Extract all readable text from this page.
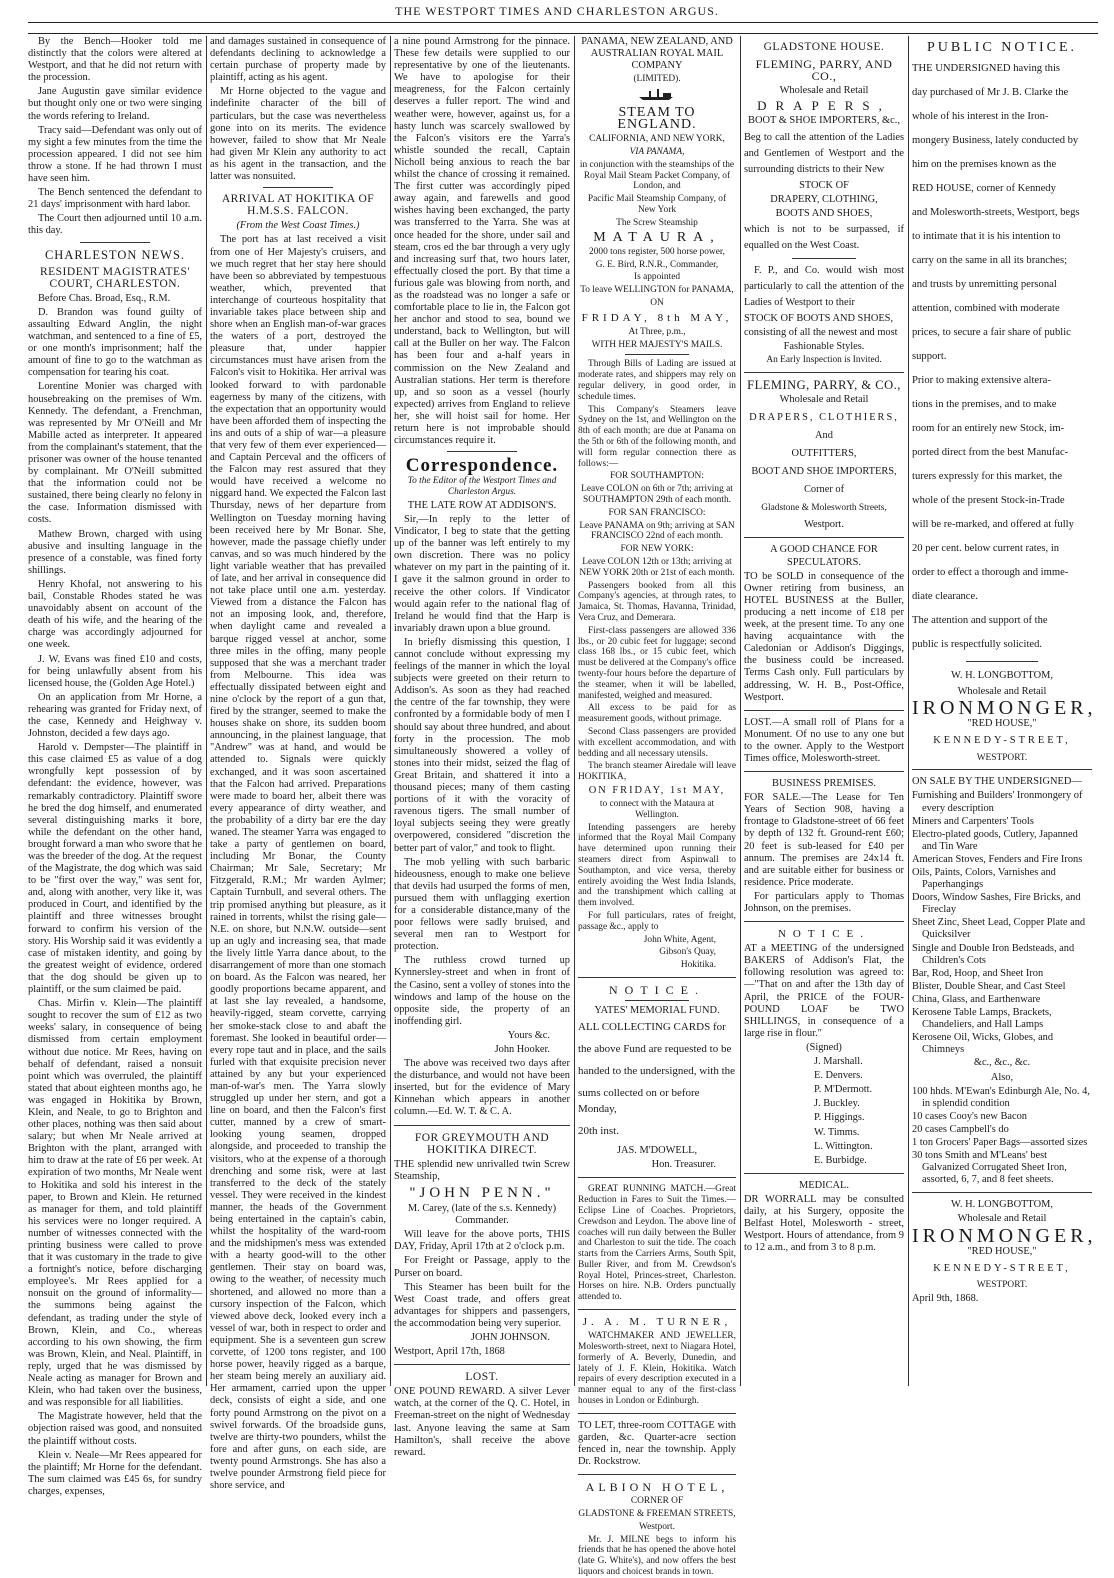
THE WESTPORT TIMES AND CHARLESTON ARGUS.

By the Bench—Hooker told me distinctly that the colors were altered at Westport, and that he did not return with the procession.

Jane Augustin gave similar evidence but thought only one or two were singing the words refering to Ireland.

Tracy said—Defendant was only out of my sight a few minutes from the time the procession appeared. I did not see him throw a stone. If he had thrown I must have seen him.

The Bench sentenced the defendant to 21 days' imprisonment with hard labor.

The Court then adjourned until 10 a.m. this day.

CHARLESTON NEWS.
RESIDENT MAGISTRATES' COURT, CHARLESTON.

Before Chas. Broad, Esq., R.M.

D. Brandon was found guilty of assaulting Edward Anglin, the night watchman, and sentenced to a fine of £5, or one month's imprisonment; half the amount of fine to go to the watchman as compensation for tearing his coat.

Lorentine Monier was charged with housebreaking on the premises of Wm. Kennedy. The defendant, a Frenchman, was represented by Mr O'Neill and Mr Mabille acted as interpreter. It appeared from the complainant's statement, that the prisoner was owner of the house tenanted by complainant. Mr O'Neill submitted that the information could not be sustained, there being clearly no felony in the case. Information dismissed with costs.

Mathew Brown, charged with using abusive and insulting language in the presence of a constable, was fined forty shillings.

Henry Khofal, not answering to his bail, Constable Rhodes stated he was unavoidably absent on account of the death of his wife, and the hearing of the charge was accordingly adjourned for one week.

J. W. Evans was fined £10 and costs, for being unlawfully absent from his licensed house, the (Golden Age Hotel.)

On an application from Mr Horne, a rehearing was granted for Friday next, of the case, Kennedy and Heighway v. Johnston, decided a few days ago.

Harold v. Dempster—The plaintiff in this case claimed £5 as value of a dog wrongfully kept possession of by defendant: the evidence, however, was remarkably contradictory. Plaintiff swore he bred the dog himself, and enumerated several distinguishing marks it bore, while the defendant on the other hand, brought forward a man who swore that he was the breeder of the dog. At the request of the Magistrate, the dog which was said to be "first over the way," was sent for, and, along with another, very like it, was produced in Court, and identified by the plaintiff and three witnesses brought forward to confirm his version of the story. His Worship said it was evidently a case of mistaken identity, and going by the greatest weight of evidence, ordered that the dog should be given up to plaintiff, or the sum claimed be paid.

Chas. Mirfin v. Klein—The plaintiff sought to recover the sum of £12 as two weeks' salary, in consequence of being dismissed from certain employment without due notice. Mr Rees, having on behalf of defendant, raised a nonsuit point which was overruled, the plaintiff stated that about eighteen months ago, he was engaged in Hokitika by Brown, Klein, and Neale, to go to Brighton and other places, nothing was then said about salary; but when Mr Neale arrived at Brighton with the plant, arranged with him to draw at the rate of £6 per week. At expiration of two months, Mr Neale went to Hokitika and sold his interest in the paper, to Brown and Klein. He returned as manager for them, and told plaintiff his services were no longer required. A number of witnesses connected with the printing business were called to prove that it was customary in the trade to give a fortnight's notice, before discharging employee's. Mr Rees applied for a nonsuit on the ground of informality—the summons being against the defendant, as trading under the style of Brown, Klein, and Co., whereas according to his own showing, the firm was Brown, Klein, and Neal. Plaintiff, in reply, urged that he was dismissed by Neale acting as manager for Brown and Klein, who had taken over the business, and was responsible for all liabilities.

The Magistrate however, held that the objection raised was good, and nonsuited the plaintiff without costs.

Klein v. Neale—Mr Rees appeared for the plaintiff; Mr Horne for the defendant. The sum claimed was £45 6s, for sundry charges, expenses,

and damages sustained in consequence of defendants declining to acknowledge a certain purchase of property made by plaintiff, acting as his agent.

Mr Horne objected to the vague and indefinite character of the bill of particulars, but the case was nevertheless gone into on its merits. The evidence however, failed to show that Mr Neale had given Mr Klein any authority to act as his agent in the transaction, and the latter was nonsuited.

ARRIVAL AT HOKITIKA OF H.M.S.S. FALCON.

(From the West Coast Times.)

The port has at last received a visit from one of Her Majesty's cruisers, and we much regret that her stay here should have been so abbreviated by tempestuous weather, which, prevented that interchange of courteous hospitality that invariable takes place between ship and shore when an English man-of-war graces the waters of a port, destroyed the pleasure that, under happier circumstances must have arisen from the Falcon's visit to Hokitika. Her arrival was looked forward to with pardonable eagerness by many of the citizens, with the expectation that an opportunity would have been afforded them of inspecting the ins and outs of a ship of war—a pleasure that very few of them ever experienced—and Captain Perceval and the officers of the Falcon may rest assured that they would have received a welcome no niggard hand. We expected the Falcon last Thursday, news of her departure from Wellington on Tuesday morning having been received here by Mr Bonar. She, however, made the passage chiefly under canvas, and so was much hindered by the light variable weather that has prevailed of late, and her arrival in consequence did not take place until one a.m. yesterday. Viewed from a distance the Falcon has not an imposing look, and, therefore, when daylight came and revealed a barque rigged vessel at anchor, some three miles in the offing, many people supposed that she was a merchant trader from Melbourne. This idea was effectually dissipated between eight and nine o'clock by the report of a gun that, fired by the stranger, seemed to make the houses shake on shore, its sudden boom announcing, in the plainest language, that "Andrew" was at hand, and would be attended to. Signals were quickly exchanged, and it was soon ascertained that the Falcon had arrived. Preparations were made to board her, albeit there was every appearance of dirty weather, and the probability of a dirty bar ere the day waned. The steamer Yarra was engaged to take a party of gentlemen on board, including Mr Bonar, the County Chairman; Mr Sale, Secretary; Mr Fitzgerald, R.M.; Mr warden Aylmer; Captain Turnbull, and several others. The trip promised anything but pleasure, as it rained in torrents, whilst the rising gale—N.E. on shore, but N.N.W. outside—sent up an ugly and increasing sea, that made the lively little Yarra dance about, to the disarrangement of more than one stomach on board. As the Falcon was neared, her goodly proportions became apparent, and at last she lay revealed, a handsome, heavily-rigged, steam corvette, carrying her smoke-stack close to and abaft the foremast. She looked in beautiful order—every rope taut and in place, and the sails furled with that exquisite precision never attained by any but your experienced man-of-war's men. The Yarra slowly struggled up under her stern, and got a line on board, and then the Falcon's first cutter, manned by a crew of smart-looking young seamen, dropped alongside, and proceeded to tranship the visitors, who at the expense of a thorough drenching and some risk, were at last transferred to the deck of the stately vessel. They were received in the kindest manner, the heads of the Government being entertained in the captain's cabin, whilst the hospitality of the ward-room and the midshipmen's mess was extended with a hearty good-will to the other gentlemen. Their stay on board was, owing to the weather, of necessity much shortened, and allowed no more than a cursory inspection of the Falcon, which viewed above deck, looked every inch a vessel of war, both in respect to order and equipment. She is a seventeen gun screw corvette, of 1200 tons register, and 100 horse power, heavily rigged as a barque, her steam being merely an auxiliary aid. Her armament, carried upon the upper deck, consists of eight a side, and one forty pound Armstrong on the pivot on a swivel forwards. Of the broadside guns, twelve are thirty-two pounders, whilst the fore and after guns, on each side, are twenty pound Armstrongs. She has also a twelve pounder Armstrong field piece for shore service, and

a nine pound Armstrong for the pinnace. These few details were supplied to our representative by one of the lieutenants. We have to apologise for their meagreness, for the Falcon certainly deserves a fuller report. The wind and weather were, however, against us, for a hasty lunch was scarcely swallowed by the Falcon's visitors ere the Yarra's whistle sounded the recall, Captain Nicholl being anxious to reach the bar whilst the chance of crossing it remained. The first cutter was accordingly piped away again, and farewells and good wishes having been exchanged, the party was transferred to the Yarra. She was at once headed for the shore, under sail and steam, cros ed the bar through a very ugly and increasing surf that, two hours later, effectually closed the port. By that time a furious gale was blowing from north, and as the roadstead was no longer a safe or comfortable place to lie in, the Falcon got her anchor and stood to sea, bound we understand, back to Wellington, but will call at the Buller on her way. The Falcon has been four and a-half years in commission on the New Zealand and Australian stations. Her term is therefore up, and so soon as a vessel (hourly expected) arrives from England to relieve her, she will hoist sail for home. Her return here is not improbable should circumstances require it.

Correspondence.

To the Editor of the Westport Times and Charleston Argus.

THE LATE ROW AT ADDISON'S.

Sir,—In reply to the letter of Vindicator, I beg to state that the getting up of the banner was left entirely to my own discretion. There was no policy whatever on my part in the painting of it. I gave it the salmon ground in order to receive the other colors. If Vindicator would again refer to the national flag of Ireland he would find that the Harp is invariably drawn upon a blue ground.

In briefly dismissing this question, I cannot conclude without expressing my feelings of the manner in which the loyal subjects were greeted on their return to Addison's. As soon as they had reached the centre of the far township, they were confronted by a formidable body of men I should say about three hundred, and about forty in the procession. The mob simultaneously showered a volley of stones into their midst, seized the flag of Great Britain, and shattered it into a thousand pieces; many of them casting portions of it with the voracity of ravenous tigers. The small number of loyal subjects seeing they were greatly overpowered, considered "discretion the better part of valor," and took to flight.

The mob yelling with such barbaric hideousness, enough to make one believe that devils had usurped the forms of men, pursued them with unflagging exertion for a considerable distance,many of the poor fellows were sadly bruised, and several men ran to Westport for protection.

The ruthless crowd turned up Kynnersley-street and when in front of the Casino, sent a volley of stones into the windows and lamp of the house on the opposite side, the property of an inoffending girl.

Yours &c.

John Hooker.

The above was received two days after the disturbance, and would not have been inserted, but for the evidence of Mary Kinnehan which appears in another column.—Ed. W. T. & C. A.

FOR GREYMOUTH AND HOKITIKA DIRECT.

THE splendid new unrivalled twin Screw Steamship,

"JOHN PENN."

M. Carey, (late of the s.s. Kennedy) Commander.

Will leave for the above ports, THIS DAY, Friday, April 17th at 2 o'clock p.m.

For Freight or Passage, apply to the Purser on board.

This Steamer has been built for the West Coast trade, and offers great advantages for shippers and passengers, the accommodation being very superior.

JOHN JOHNSON.

Westport, April 17th, 1868

LOST.

ONE POUND REWARD. A silver Lever watch, at the corner of the Q. C. Hotel, in Freeman-street on the night of Wednesday last. Anyone leaving the same at Sam Hamilton's, shall receive the above reward.

PANAMA, NEW ZEALAND, AND AUSTRALIAN ROYAL MAIL COMPANY

(LIMITED).

STEAM TO ENGLAND.

CALIFORNIA, AND NEW YORK,

VIA PANAMA,

in conjunction with the steamships of the Royal Mail Steam Packet Company, of London, and

Pacific Mail Steamship Company, of New York

The Screw Steamship

MATAURA,

2000 tons register, 500 horse power,

G. E. Bird, R.N.R., Commander,

Is appointed

To leave WELLINGTON for PANAMA,

ON

FRIDAY, 8th MAY,

At Three, p.m.,

WITH HER MAJESTY'S MAILS.

Through Bills of Lading are issued at moderate rates, and shippers may rely on regular delivery, in good order, in schedule times.

This Company's Steamers leave Sydney on the 1st, and Wellington on the 8th of each month; are due at Panama on the 5th or 6th of the following month, and will form regular connection there as follows:—

FOR SOUTHAMPTON:

Leave COLON on 6th or 7th; arriving at SOUTHAMPTON 29th of each month.

FOR SAN FRANCISCO:

Leave PANAMA on 9th; arriving at SAN FRANCISCO 22nd of each month.

FOR NEW YORK:

Leave COLON 12th or 13th; arriving at NEW YORK 20th or 21st of each month.

Passengers booked from all this Company's agencies, at through rates, to Jamaica, St. Thomas, Havanna, Trinidad, Vera Cruz, and Demerara.

First-class passengers are allowed 336 lbs., or 20 cubic feet for luggage; second class 168 lbs., or 15 cubic feet, which must be delivered at the Company's office twenty-four hours before the departure of the steamer, when it will be labelled, manifested, weighed and measured.

All excess to be paid for as measurement goods, without primage.

Second Class passengers are provided with excellent accommodation, and with bedding and all necessary utensils.

The branch steamer Airedale will leave HOKITIKA,

ON FRIDAY, 1st MAY,

to connect with the Mataura at Wellington.

Intending passengers are hereby informed that the Royal Mail Company have determined upon running their steamers direct from Aspinwall to Southampton, and vice versa, thereby entirely avoiding the West India Islands, and the transhipment which calling at them involved.

For full particulars, rates of freight, passage &c., apply to

John White, Agent,

Gibson's Quay,

Hokitika.

NOTICE.

YATES' MEMORIAL FUND.

ALL COLLECTING CARDS for

the above Fund are requested to be

handed to the undersigned, with the

sums collected on or before Monday,

20th inst.

JAS. M'DOWELL,

Hon. Treasurer.

GREAT RUNNING MATCH.—Great Reduction in Fares to Suit the Times.—Eclipse Line of Coaches. Proprietors, Crewdson and Leydon. The above line of coaches will run daily between the Buller and Charleston to suit the tide. The coach starts from the Carriers Arms, South Spit, Buller River, and from M. Crewdson's Royal Hotel, Princes-street, Charleston. Horses on hire. N.B. Orders punctually attended to.

J. A. M. TURNER,

WATCHMAKER AND JEWELLER, Molesworth-street, next to Niagara Hotel, formerly of A. Beverly, Dunedin, and lately of J. F. Klein, Hokitika. Watch repairs of every description executed in a manner equal to any of the first-class houses in London or Edinburgh.

TO LET, three-room COTTAGE with garden, &c. Quarter-acre section fenced in, near the township. Apply Dr. Rockstrow.

ALBION HOTEL,

CORNER OF

GLADSTONE & FREEMAN STREETS,

Westport.

Mr. J. MILNE begs to inform his friends that he has opened the above hotel (late G. White's), and now offers the best liquors and choicest brands in town.

GLADSTONE HOUSE.
FLEMING, PARRY, AND CO.,

Wholesale and Retail

DRAPERS,

BOOT & SHOE IMPORTERS, &c.,

Beg to call the attention of the Ladies and Gentlemen of Westport and the surrounding districts to their New

STOCK OF

DRAPERY, CLOTHING,

BOOTS AND SHOES,

which is not to be surpassed, if equalled on the West Coast.

F. P., and Co. would wish most particularly to call the attention of the Ladies of Westport to their

STOCK OF BOOTS AND SHOES,

consisting of all the newest and most

Fashionable Styles.

An Early Inspection is Invited.

FLEMING, PARRY, & CO.,

Wholesale and Retail

DRAPERS, CLOTHIERS,

And

OUTFITTERS,

BOOT AND SHOE IMPORTERS,

Corner of

Gladstone & Molesworth Streets,

Westport.

A GOOD CHANCE FOR SPECULATORS.

TO be SOLD in consequence of the Owner retiring from business, an HOTEL BUSINESS at the Buller, producing a nett income of £18 per week, at the present time. To any one having acquaintance with the Caledonian or Addison's Diggings, the business could be increased. Terms Cash only. Full particulars by addressing, W. H. B., Post-Office, Westport.

LOST.—A small roll of Plans for a Monument. Of no use to any one but to the owner. Apply to the Westport Times office, Molesworth-street.

BUSINESS PREMISES.

FOR SALE.—The Lease for Ten Years of Section 908, having a frontage to Gladstone-street of 66 feet by depth of 132 ft. Ground-rent £60; 20 feet is sub-leased for £40 per annum. The premises are 24x14 ft. and are suitable either for business or residence. Price moderate.

For particulars apply to Thomas Johnson, on the premises.

NOTICE.

AT a MEETING of the undersigned BAKERS of Addison's Flat, the following resolution was agreed to:—"That on and after the 13th day of April, the PRICE of the FOUR-POUND LOAF be TWO SHILLINGS, in consequence of a large rise in flour."

(Signed)

J. Marshall.

E. Denvers.

P. M'Dermott.

J. Buckley.

P. Higgings.

W. Timms.

L. Wittington.

E. Burbidge.

MEDICAL.

DR WORRALL may be consulted daily, at his Surgery, opposite the Belfast Hotel, Molesworth - street, Westport. Hours of attendance, from 9 to 12 a.m., and from 3 to 8 p.m.

PUBLIC NOTICE.

THE UNDERSIGNED having this

day purchased of Mr J. B. Clarke the

whole of his interest in the Iron-

mongery Business, lately conducted by

him on the premises known as the

RED HOUSE, corner of Kennedy

and Molesworth-streets, Westport, begs

to intimate that it is his intention to

carry on the same in all its branches;

and trusts by unremitting personal

attention, combined with moderate

prices, to secure a fair share of public

support.

Prior to making extensive altera-

tions in the premises, and to make

room for an entirely new Stock, im-

ported direct from the best Manufac-

turers expressly for this market, the

whole of the present Stock-in-Trade

will be re-marked, and offered at fully

20 per cent. below current rates, in

order to effect a thorough and imme-

diate clearance.

The attention and support of the

public is respectfully solicited.

W. H. LONGBOTTOM,

Wholesale and Retail

IRONMONGER,

"RED HOUSE,"

KENNEDY-STREET,

WESTPORT.

ON SALE BY THE UNDERSIGNED—

Furnishing and Builders' Ironmongery of every description

Miners and Carpenters' Tools

Electro-plated goods, Cutlery, Japanned and Tin Ware

American Stoves, Fenders and Fire Irons

Oils, Paints, Colors, Varnishes and Paperhangings

Doors, Window Sashes, Fire Bricks, and Fireclay

Sheet Zinc, Sheet Lead, Copper Plate and Quicksilver

Single and Double Iron Bedsteads, and Children's Cots

Bar, Rod, Hoop, and Sheet Iron

Blister, Double Shear, and Cast Steel

China, Glass, and Earthenware

Kerosene Table Lamps, Brackets, Chandeliers, and Hall Lamps

Kerosene Oil, Wicks, Globes, and Chimneys

&c., &c., &c.

Also,

100 hhds. M'Ewan's Edinburgh Ale, No. 4, in splendid condition

10 cases Cooy's new Bacon

20 cases Campbell's do

1 ton Grocers' Paper Bags—assorted sizes

30 tons Smith and M'Leans' best Galvanized Corrugated Sheet Iron, assorted, 6, 7, and 8 feet sheets.

W. H. LONGBOTTOM,

Wholesale and Retail

IRONMONGER,

"RED HOUSE,"

KENNEDY-STREET,

WESTPORT.

April 9th, 1868.
